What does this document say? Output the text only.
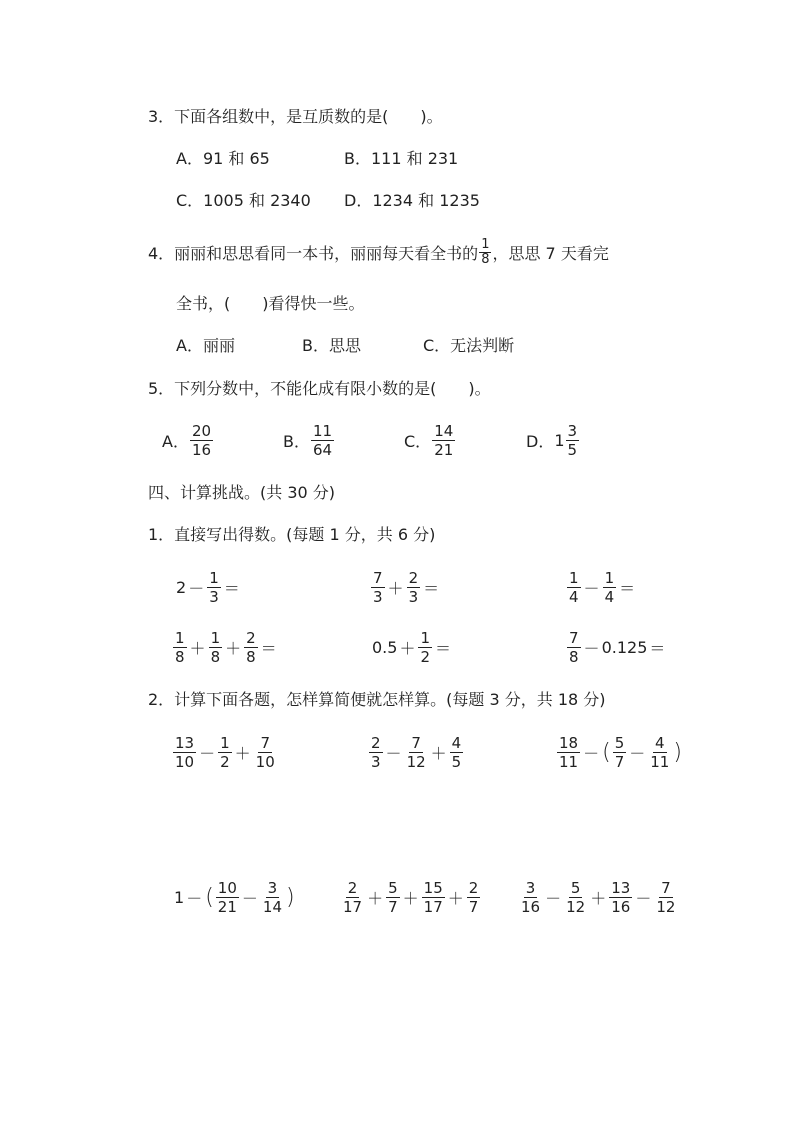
3．下面各组数中，是互质数的是(　　)。
A．91 和 65	B．111 和 231
C．1005 和 2340 D．1234 和 1235
4．丽丽和思思看同一本书，丽丽每天看全书的 $\frac{1}{8}$ ，思思 7 天看完
全书，(　　)看得快一些。
A．丽丽	B．思思	C．无法判断
5．下列分数中，不能化成有限小数的是(　　)。
A． $\frac{20}{16}$	B． $\frac{11}{64}$	C． $\frac{14}{21}$	D． $1 \frac{3}{5}$
四、计算挑战。(共 30 分)
1．直接写出得数。(每题 1 分，共 6 分)
$2 - \frac{1}{3}$ ＝	$\frac{7}{3} + \frac{2}{3}$ ＝	$\frac{1}{4} - \frac{1}{4}$ ＝
$\frac{1}{8} + \frac{1}{8} + \frac{2}{8}$ ＝	$0.5 + \frac{1}{2}$ ＝	$\frac{7}{8} - 0.125$ ＝
2．计算下面各题，怎样算简便就怎样算。(每题 3 分，共 18 分)
$\frac{13}{10} - \frac{1}{2} + \frac{7}{10}$	$\frac{2}{3} - \frac{7}{12} + \frac{4}{5}$	$\frac{18}{11}$ － ( $\frac{5}{7} - \frac{4}{11}$ )
1 － ( $\frac{10}{21} - \frac{3}{14}$ )	$\frac{2}{17} + \frac{5}{7} + \frac{15}{17} + \frac{2}{7}$	$\frac{3}{16} - \frac{5}{12} + \frac{13}{16} - \frac{7}{12}$
